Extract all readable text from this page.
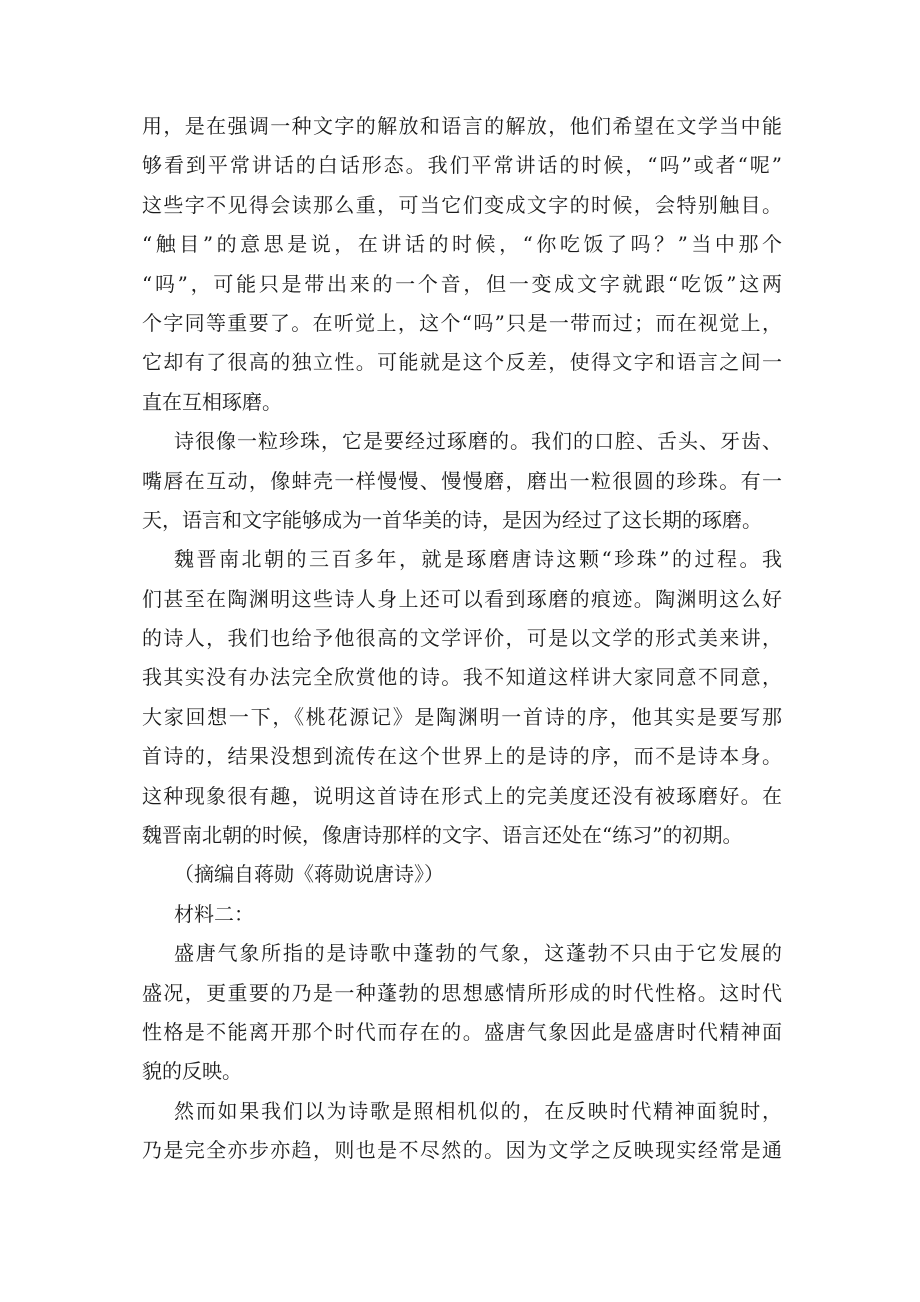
用，是在强调一种文字的解放和语言的解放，他们希望在文学当中能
够看到平常讲话的白话形态。我们平常讲话的时候，“吗”或者“呢”
这些字不见得会读那么重，可当它们变成文字的时候，会特别触目。
“触目”的意思是说，在讲话的时候，“你吃饭了吗？”当中那个
“吗”，可能只是带出来的一个音，但一变成文字就跟“吃饭”这两
个字同等重要了。在听觉上，这个“吗”只是一带而过；而在视觉上，
它却有了很高的独立性。可能就是这个反差，使得文字和语言之间一
直在互相琢磨。
诗很像一粒珍珠，它是要经过琢磨的。我们的口腔、舌头、牙齿、
嘴唇在互动，像蚌壳一样慢慢、慢慢磨，磨出一粒很圆的珍珠。有一
天，语言和文字能够成为一首华美的诗，是因为经过了这长期的琢磨。
魏晋南北朝的三百多年，就是琢磨唐诗这颗“珍珠”的过程。我
们甚至在陶渊明这些诗人身上还可以看到琢磨的痕迹。陶渊明这么好
的诗人，我们也给予他很高的文学评价，可是以文学的形式美来讲，
我其实没有办法完全欣赏他的诗。我不知道这样讲大家同意不同意，
大家回想一下，《桃花源记》是陶渊明一首诗的序，他其实是要写那
首诗的，结果没想到流传在这个世界上的是诗的序，而不是诗本身。
这种现象很有趣，说明这首诗在形式上的完美度还没有被琢磨好。在
魏晋南北朝的时候，像唐诗那样的文字、语言还处在“练习”的初期。
（摘编自蒋勋《蒋勋说唐诗》）
材料二：
盛唐气象所指的是诗歌中蓬勃的气象，这蓬勃不只由于它发展的
盛况，更重要的乃是一种蓬勃的思想感情所形成的时代性格。这时代
性格是不能离开那个时代而存在的。盛唐气象因此是盛唐时代精神面
貌的反映。
然而如果我们以为诗歌是照相机似的，在反映时代精神面貌时，
乃是完全亦步亦趋，则也是不尽然的。因为文学之反映现实经常是通
